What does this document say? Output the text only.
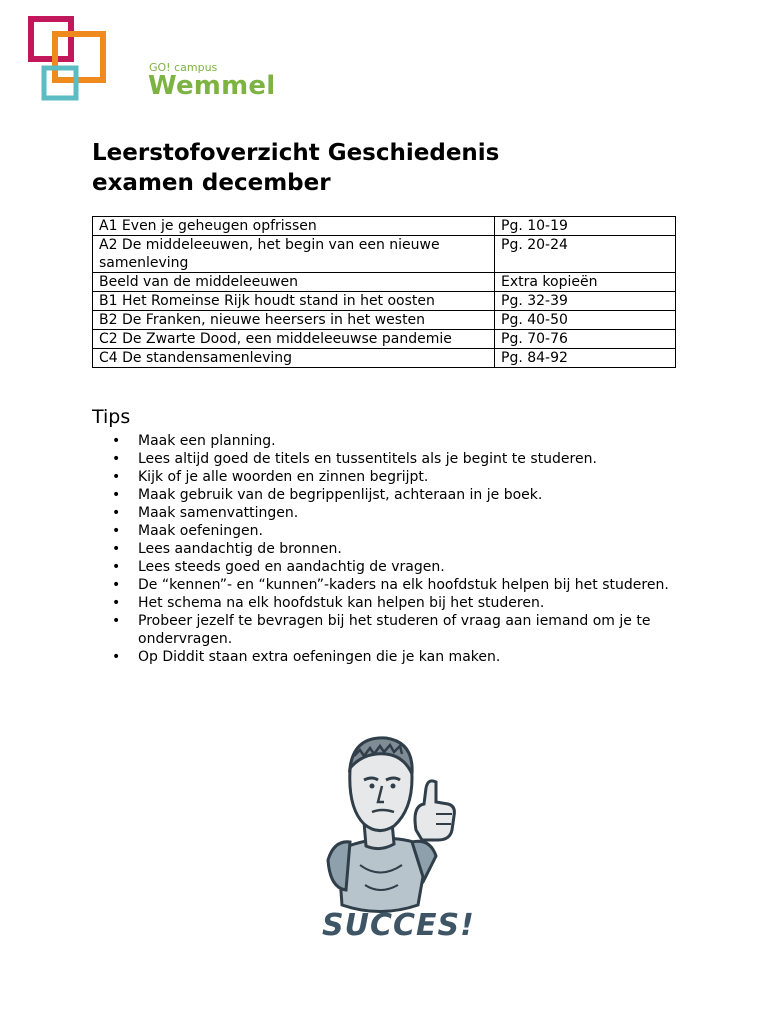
GO! campus
Wemmel
Leerstofoverzicht Geschiedenis
examen december
A1 Even je geheugen opfrissen	Pg. 10-19
A2 De middeleeuwen, het begin van een nieuwe samenleving	Pg. 20-24
Beeld van de middeleeuwen	Extra kopieën
B1 Het Romeinse Rijk houdt stand in het oosten	Pg. 32-39
B2 De Franken, nieuwe heersers in het westen	Pg. 40-50
C2 De Zwarte Dood, een middeleeuwse pandemie	Pg. 70-76
C4 De standensamenleving	Pg. 84-92
Tips
• Maak een planning.
• Lees altijd goed de titels en tussentitels als je begint te studeren.
• Kijk of je alle woorden en zinnen begrijpt.
• Maak gebruik van de begrippenlijst, achteraan in je boek.
• Maak samenvattingen.
• Maak oefeningen.
• Lees aandachtig de bronnen.
• Lees steeds goed en aandachtig de vragen.
• De “kennen”- en “kunnen”-kaders na elk hoofdstuk helpen bij het studeren.
• Het schema na elk hoofdstuk kan helpen bij het studeren.
• Probeer jezelf te bevragen bij het studeren of vraag aan iemand om je te ondervragen.
• Op Diddit staan extra oefeningen die je kan maken.
SUCCES!
